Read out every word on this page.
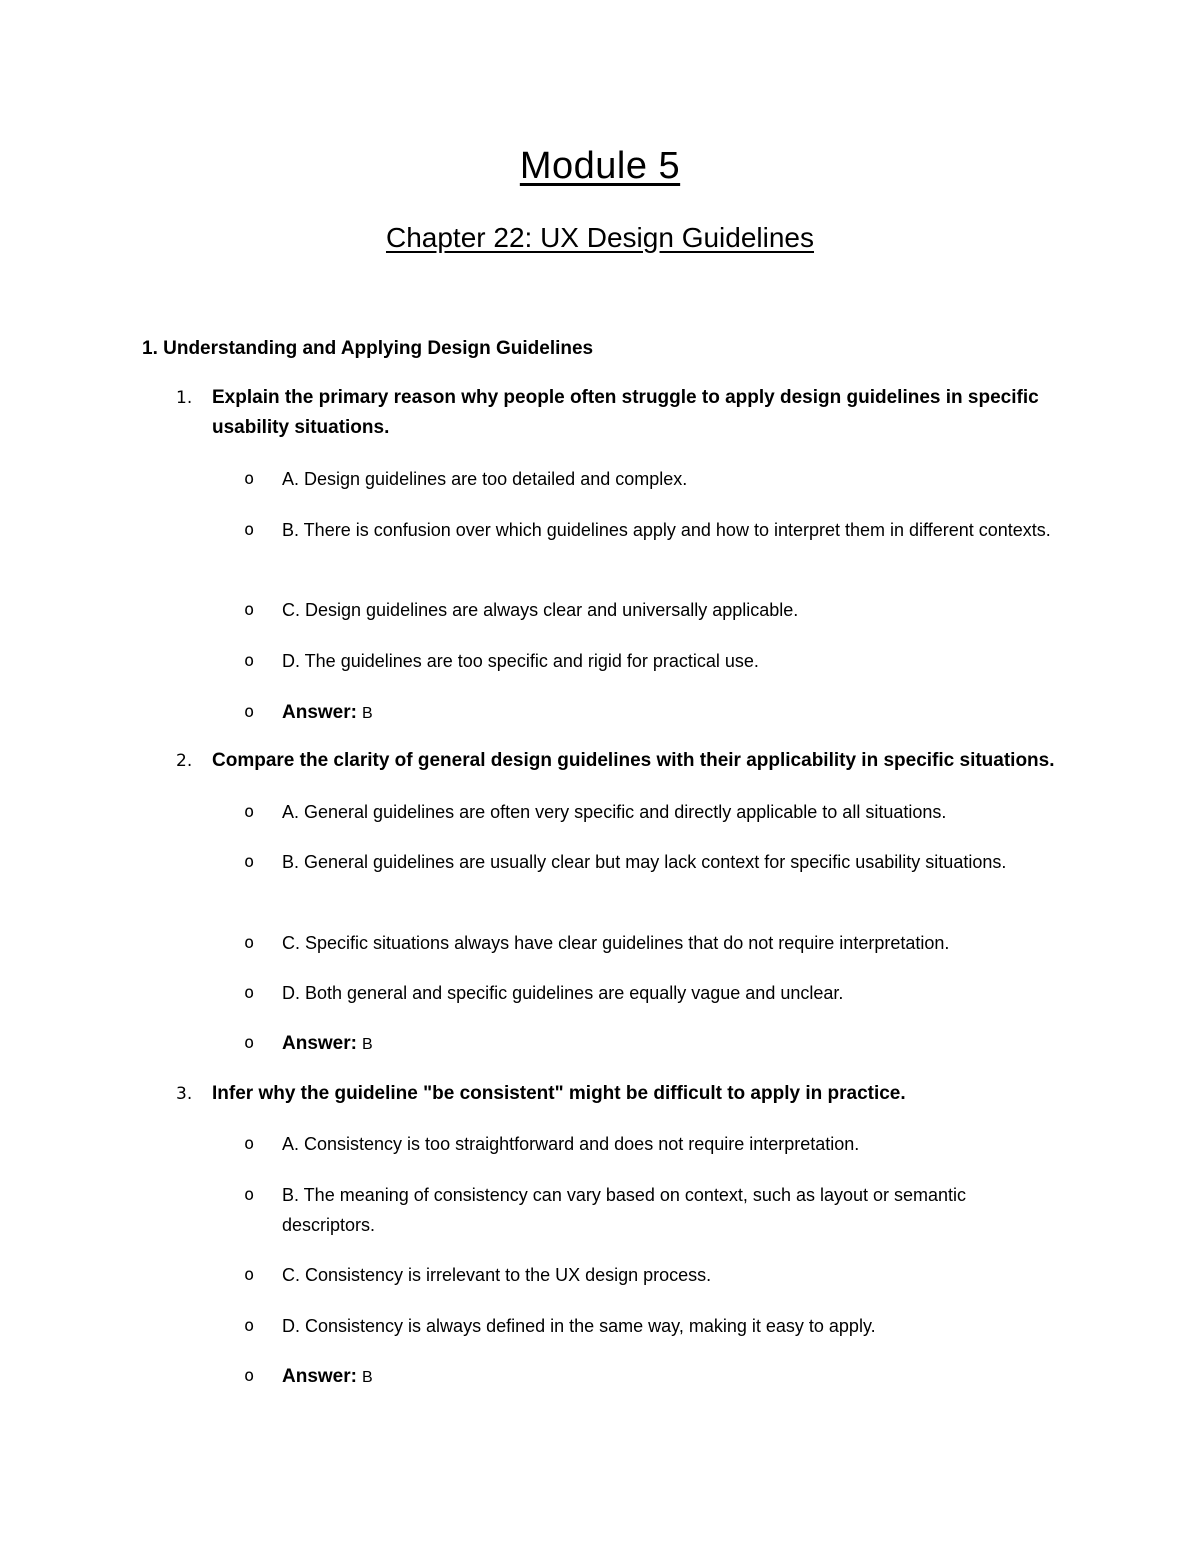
Module 5
Chapter 22: UX Design Guidelines
1. Understanding and Applying Design Guidelines
1.	Explain the primary reason why people often struggle to apply design guidelines in specific usability situations.
o	A. Design guidelines are too detailed and complex.
o	B. There is confusion over which guidelines apply and how to interpret them in different contexts.
o	C. Design guidelines are always clear and universally applicable.
o	D. The guidelines are too specific and rigid for practical use.
o	Answer: B
2.	Compare the clarity of general design guidelines with their applicability in specific situations.
o	A. General guidelines are often very specific and directly applicable to all situations.
o	B. General guidelines are usually clear but may lack context for specific usability situations.
o	C. Specific situations always have clear guidelines that do not require interpretation.
o	D. Both general and specific guidelines are equally vague and unclear.
o	Answer: B
3.	Infer why the guideline "be consistent" might be difficult to apply in practice.
o	A. Consistency is too straightforward and does not require interpretation.
o	B. The meaning of consistency can vary based on context, such as layout or semantic descriptors.
o	C. Consistency is irrelevant to the UX design process.
o	D. Consistency is always defined in the same way, making it easy to apply.
o	Answer: B
